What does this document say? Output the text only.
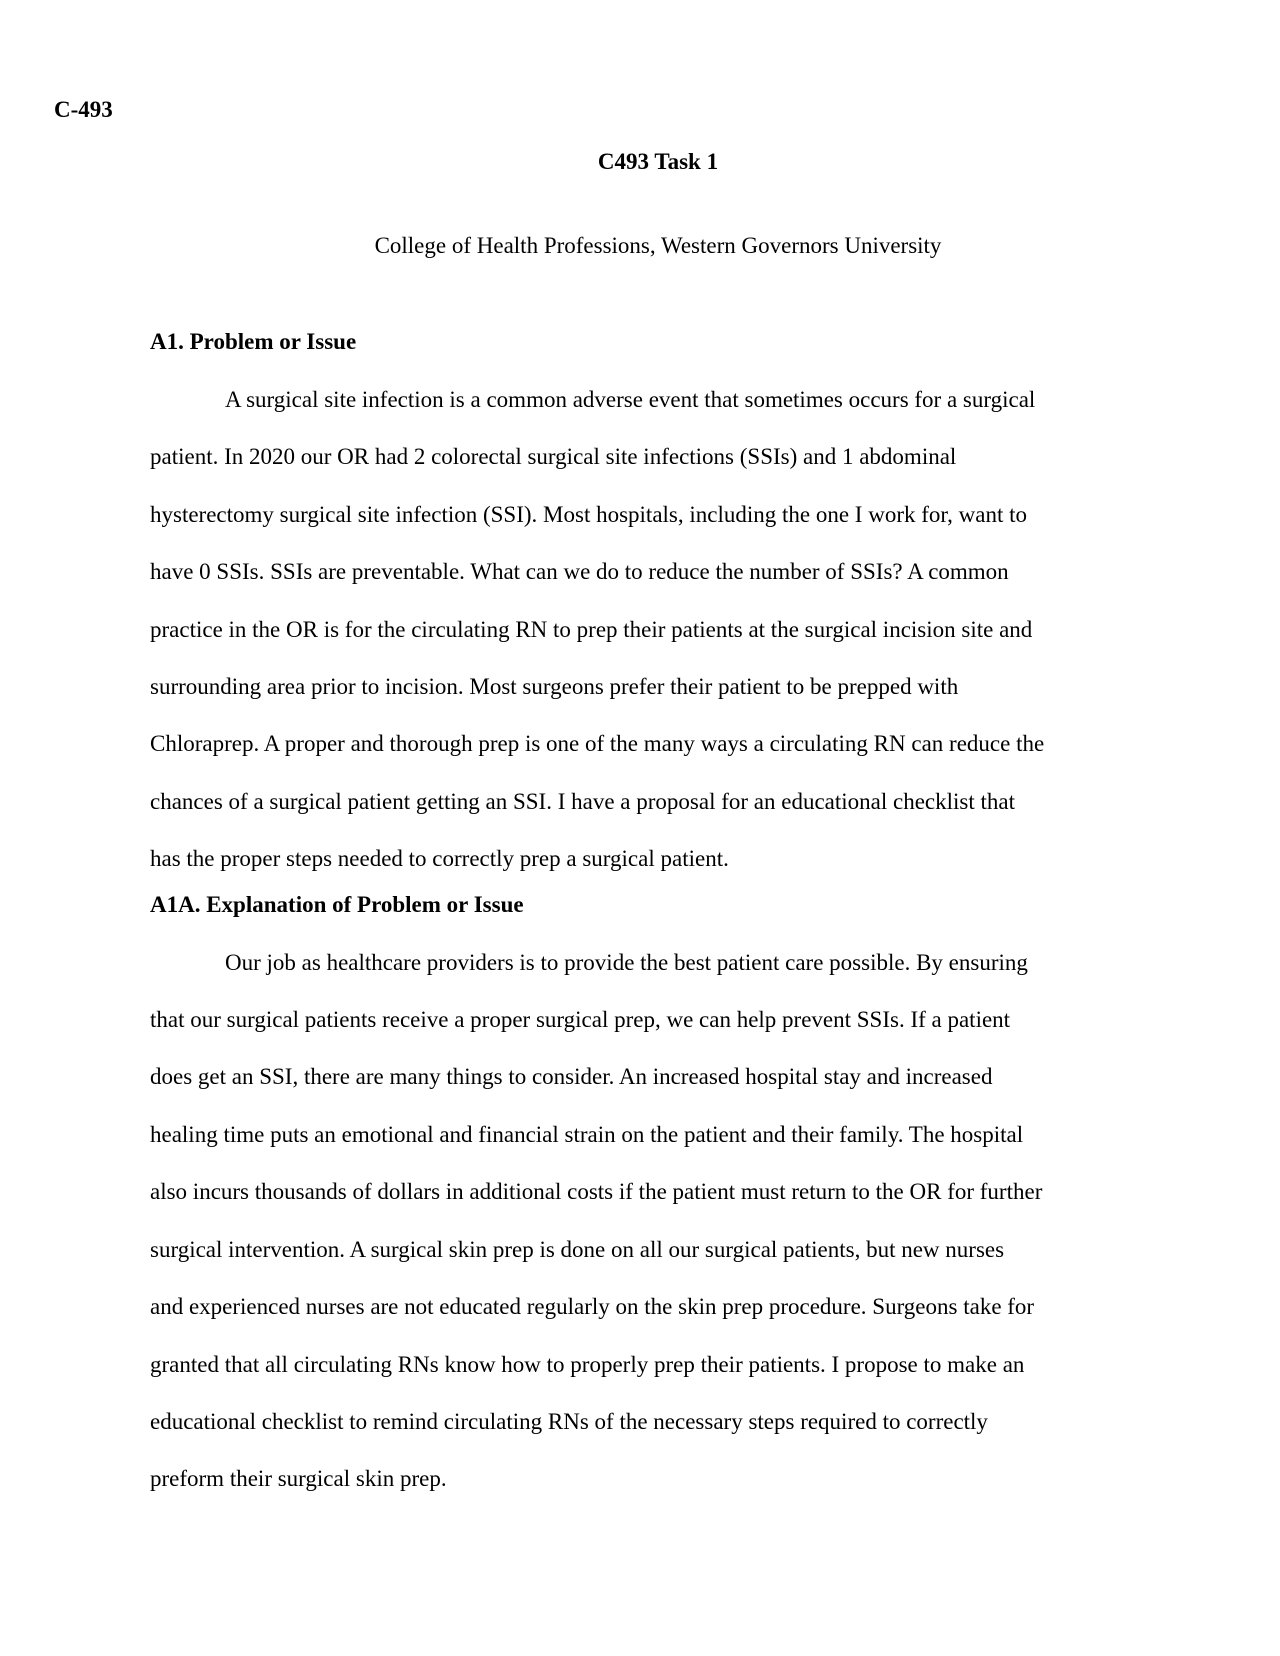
C-493

C493 Task 1

College of Health Professions, Western Governors University

A1. Problem or Issue

A surgical site infection is a common adverse event that sometimes occurs for a surgical
patient. In 2020 our OR had 2 colorectal surgical site infections (SSIs) and 1 abdominal
hysterectomy surgical site infection (SSI). Most hospitals, including the one I work for, want to
have 0 SSIs. SSIs are preventable. What can we do to reduce the number of SSIs? A common
practice in the OR is for the circulating RN to prep their patients at the surgical incision site and
surrounding area prior to incision. Most surgeons prefer their patient to be prepped with
Chloraprep. A proper and thorough prep is one of the many ways a circulating RN can reduce the
chances of a surgical patient getting an SSI. I have a proposal for an educational checklist that
has the proper steps needed to correctly prep a surgical patient.

A1A. Explanation of Problem or Issue

Our job as healthcare providers is to provide the best patient care possible. By ensuring
that our surgical patients receive a proper surgical prep, we can help prevent SSIs. If a patient
does get an SSI, there are many things to consider. An increased hospital stay and increased
healing time puts an emotional and financial strain on the patient and their family. The hospital
also incurs thousands of dollars in additional costs if the patient must return to the OR for further
surgical intervention. A surgical skin prep is done on all our surgical patients, but new nurses
and experienced nurses are not educated regularly on the skin prep procedure. Surgeons take for
granted that all circulating RNs know how to properly prep their patients. I propose to make an
educational checklist to remind circulating RNs of the necessary steps required to correctly
preform their surgical skin prep.
